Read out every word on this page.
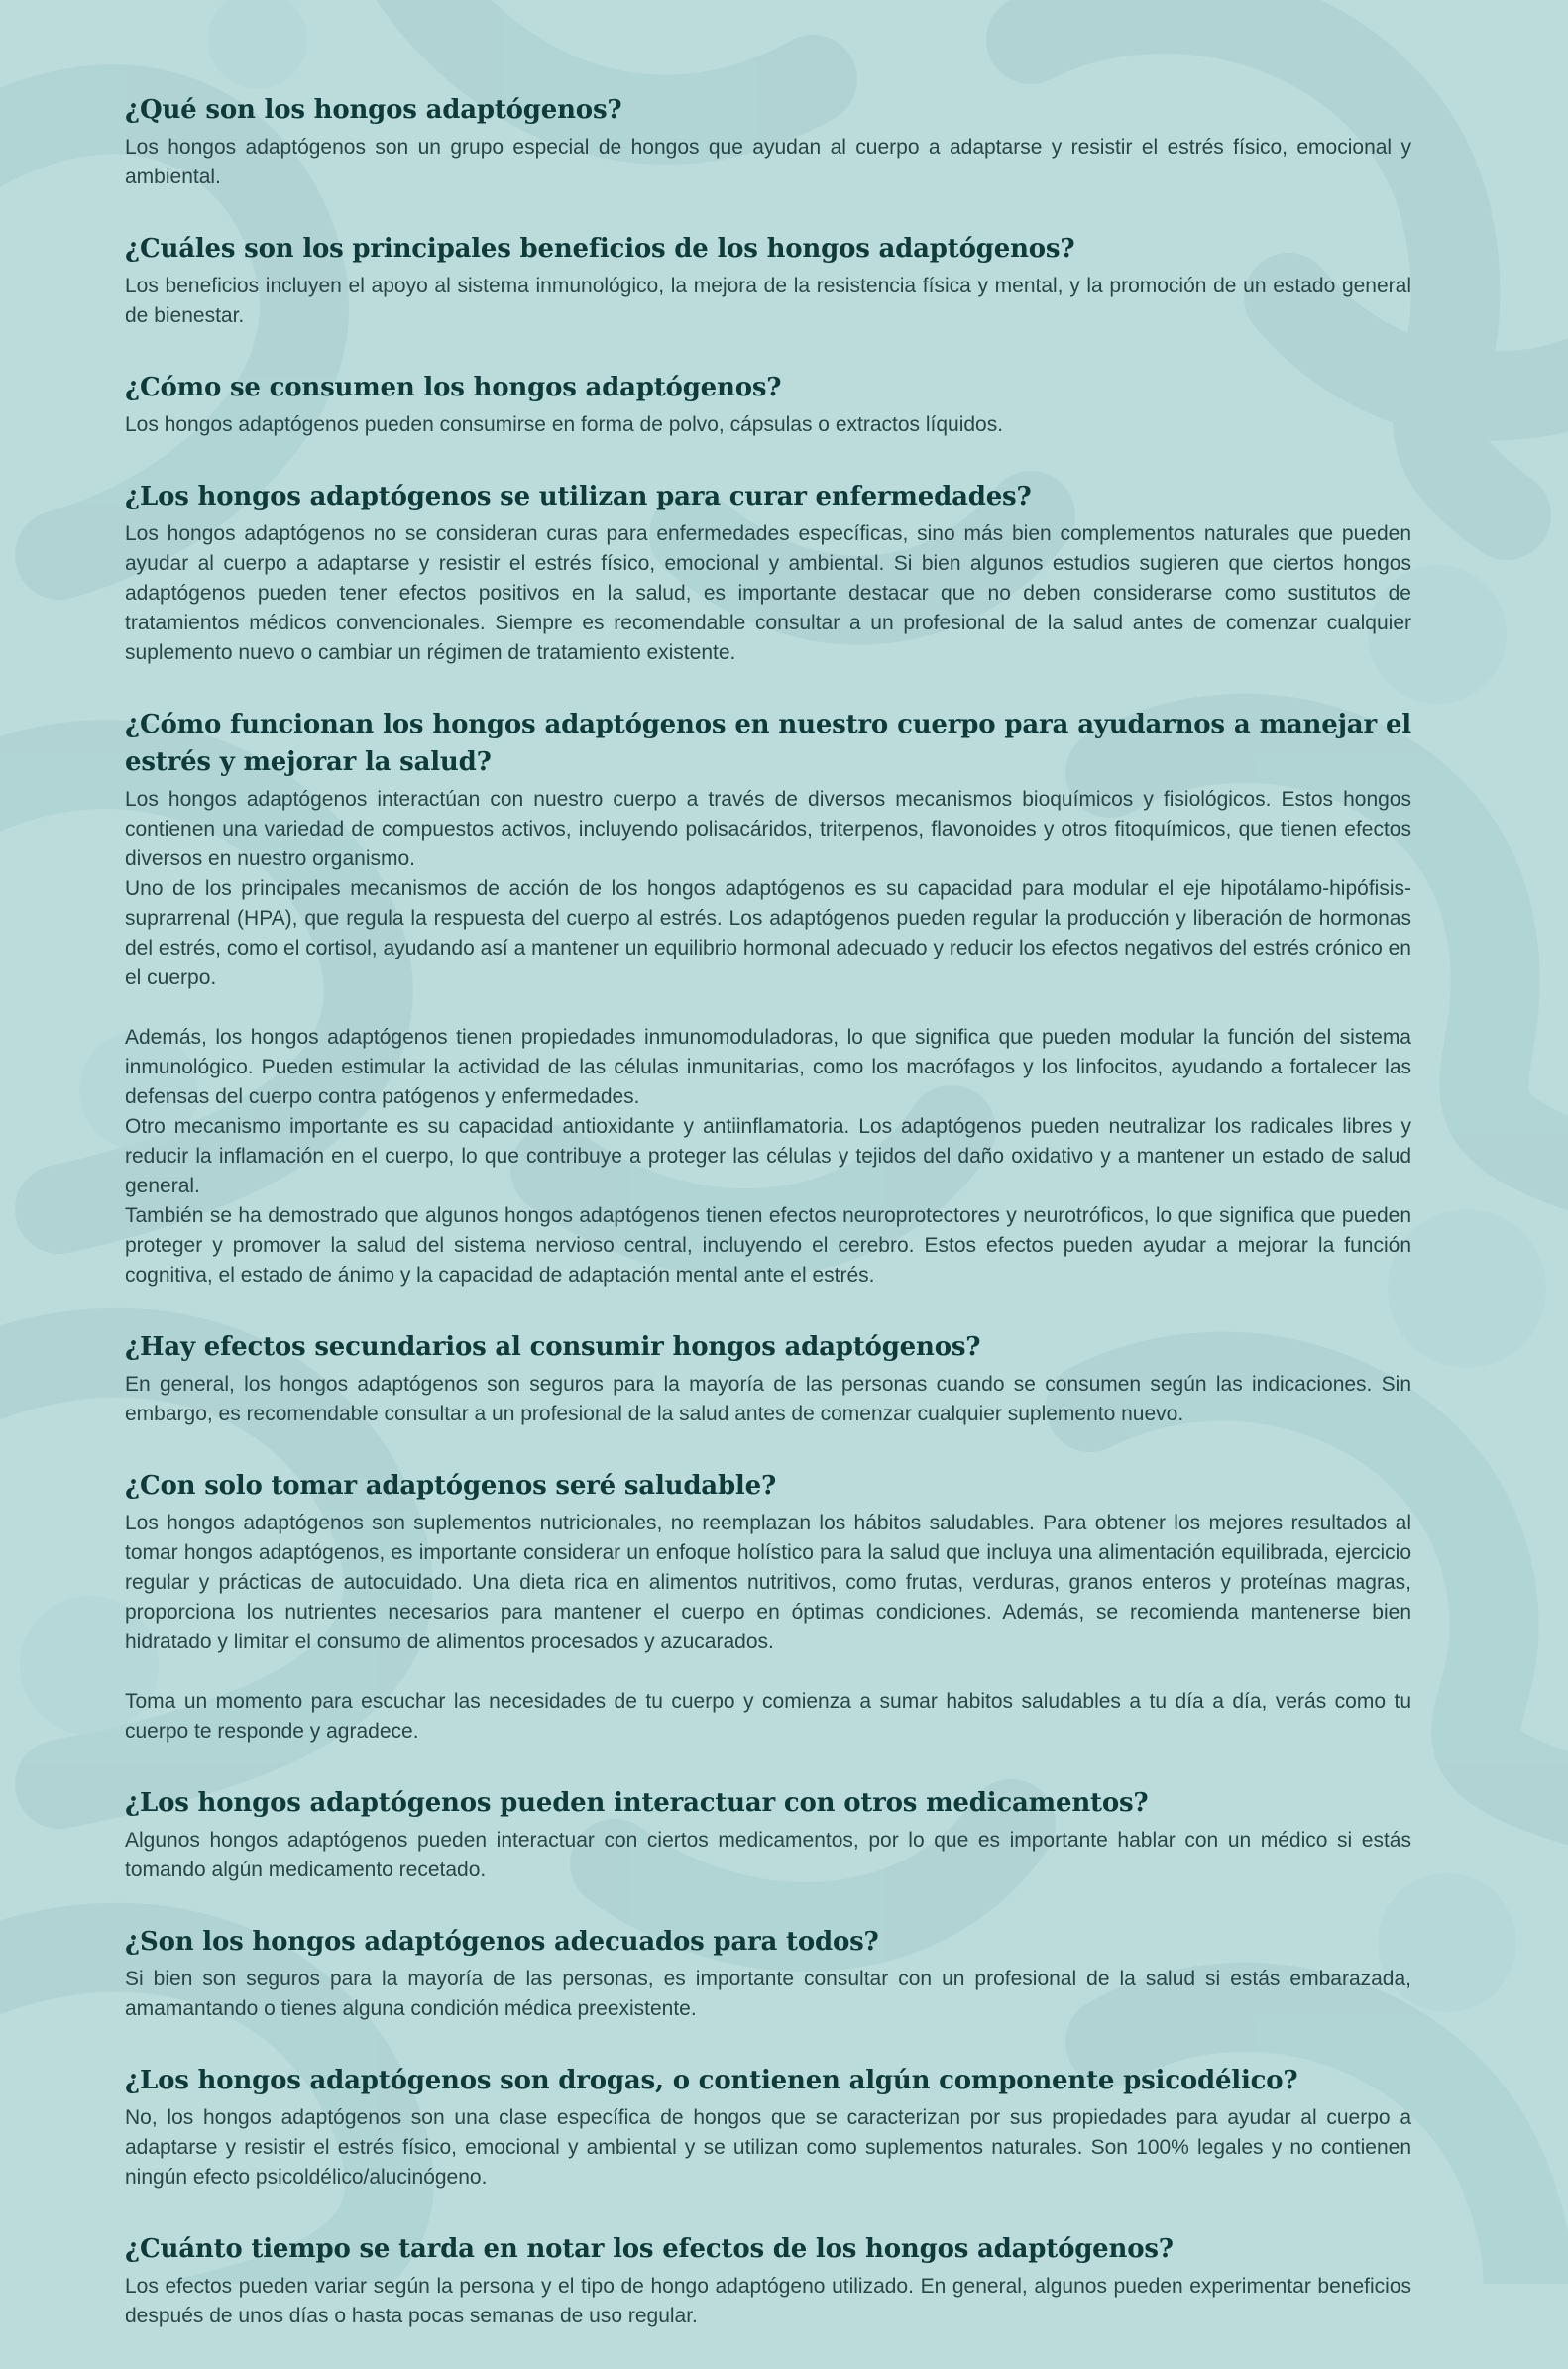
¿Qué son los hongos adaptógenos?

Los hongos adaptógenos son un grupo especial de hongos que ayudan al cuerpo a adaptarse y resistir el estrés físico, emocional y ambiental.

¿Cuáles son los principales beneficios de los hongos adaptógenos?

Los beneficios incluyen el apoyo al sistema inmunológico, la mejora de la resistencia física y mental, y la promoción de un estado general de bienestar.

¿Cómo se consumen los hongos adaptógenos?

Los hongos adaptógenos pueden consumirse en forma de polvo, cápsulas o extractos líquidos.

¿Los hongos adaptógenos se utilizan para curar enfermedades?

Los hongos adaptógenos no se consideran curas para enfermedades específicas, sino más bien complementos naturales que pueden ayudar al cuerpo a adaptarse y resistir el estrés físico, emocional y ambiental. Si bien algunos estudios sugieren que ciertos hongos adaptógenos pueden tener efectos positivos en la salud, es importante destacar que no deben considerarse como sustitutos de tratamientos médicos convencionales. Siempre es recomendable consultar a un profesional de la salud antes de comenzar cualquier suplemento nuevo o cambiar un régimen de tratamiento existente.

¿Cómo funcionan los hongos adaptógenos en nuestro cuerpo para ayudarnos a manejar el estrés y mejorar la salud?

Los hongos adaptógenos interactúan con nuestro cuerpo a través de diversos mecanismos bioquímicos y fisiológicos. Estos hongos contienen una variedad de compuestos activos, incluyendo polisacáridos, triterpenos, flavonoides y otros fitoquímicos, que tienen efectos diversos en nuestro organismo.

Uno de los principales mecanismos de acción de los hongos adaptógenos es su capacidad para modular el eje hipotálamo-hipófisis-suprarrenal (HPA), que regula la respuesta del cuerpo al estrés. Los adaptógenos pueden regular la producción y liberación de hormonas del estrés, como el cortisol, ayudando así a mantener un equilibrio hormonal adecuado y reducir los efectos negativos del estrés crónico en el cuerpo.

Además, los hongos adaptógenos tienen propiedades inmunomoduladoras, lo que significa que pueden modular la función del sistema inmunológico. Pueden estimular la actividad de las células inmunitarias, como los macrófagos y los linfocitos, ayudando a fortalecer las defensas del cuerpo contra patógenos y enfermedades.

Otro mecanismo importante es su capacidad antioxidante y antiinflamatoria. Los adaptógenos pueden neutralizar los radicales libres y reducir la inflamación en el cuerpo, lo que contribuye a proteger las células y tejidos del daño oxidativo y a mantener un estado de salud general.

También se ha demostrado que algunos hongos adaptógenos tienen efectos neuroprotectores y neurotróficos, lo que significa que pueden proteger y promover la salud del sistema nervioso central, incluyendo el cerebro. Estos efectos pueden ayudar a mejorar la función cognitiva, el estado de ánimo y la capacidad de adaptación mental ante el estrés.

¿Hay efectos secundarios al consumir hongos adaptógenos?

En general, los hongos adaptógenos son seguros para la mayoría de las personas cuando se consumen según las indicaciones. Sin embargo, es recomendable consultar a un profesional de la salud antes de comenzar cualquier suplemento nuevo.

¿Con solo tomar adaptógenos seré saludable?

Los hongos adaptógenos son suplementos nutricionales, no reemplazan los hábitos saludables. Para obtener los mejores resultados al tomar hongos adaptógenos, es importante considerar un enfoque holístico para la salud que incluya una alimentación equilibrada, ejercicio regular y prácticas de autocuidado. Una dieta rica en alimentos nutritivos, como frutas, verduras, granos enteros y proteínas magras, proporciona los nutrientes necesarios para mantener el cuerpo en óptimas condiciones. Además, se recomienda mantenerse bien hidratado y limitar el consumo de alimentos procesados y azucarados.

Toma un momento para escuchar las necesidades de tu cuerpo y comienza a sumar habitos saludables a tu día a día, verás como tu cuerpo te responde y agradece.

¿Los hongos adaptógenos pueden interactuar con otros medicamentos?

Algunos hongos adaptógenos pueden interactuar con ciertos medicamentos, por lo que es importante hablar con un médico si estás tomando algún medicamento recetado.

¿Son los hongos adaptógenos adecuados para todos?

Si bien son seguros para la mayoría de las personas, es importante consultar con un profesional de la salud si estás embarazada, amamantando o tienes alguna condición médica preexistente.

¿Los hongos adaptógenos son drogas, o contienen algún componente psicodélico?

No, los hongos adaptógenos son una clase específica de hongos que se caracterizan por sus propiedades para ayudar al cuerpo a adaptarse y resistir el estrés físico, emocional y ambiental y se utilizan como suplementos naturales. Son 100% legales y no contienen ningún efecto psicoldélico/alucinógeno.

¿Cuánto tiempo se tarda en notar los efectos de los hongos adaptógenos?

Los efectos pueden variar según la persona y el tipo de hongo adaptógeno utilizado. En general, algunos pueden experimentar beneficios después de unos días o hasta pocas semanas de uso regular.
